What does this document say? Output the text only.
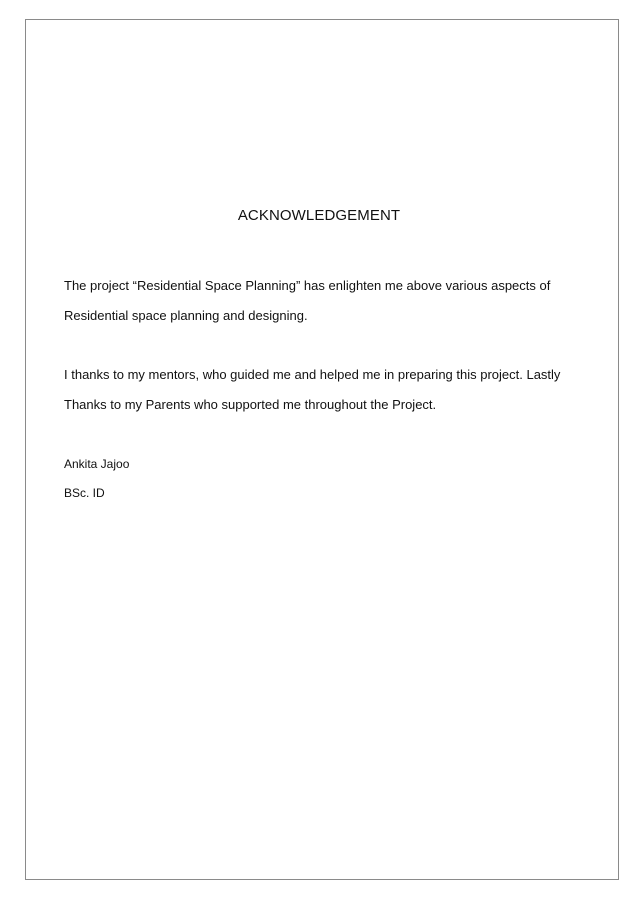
ACKNOWLEDGEMENT
The project “Residential Space Planning” has enlighten me above various aspects of
Residential space planning and designing.
I thanks to my mentors, who guided me and helped me in preparing this project. Lastly
Thanks to my Parents who supported me throughout the Project.
Ankita Jajoo
BSc. ID
